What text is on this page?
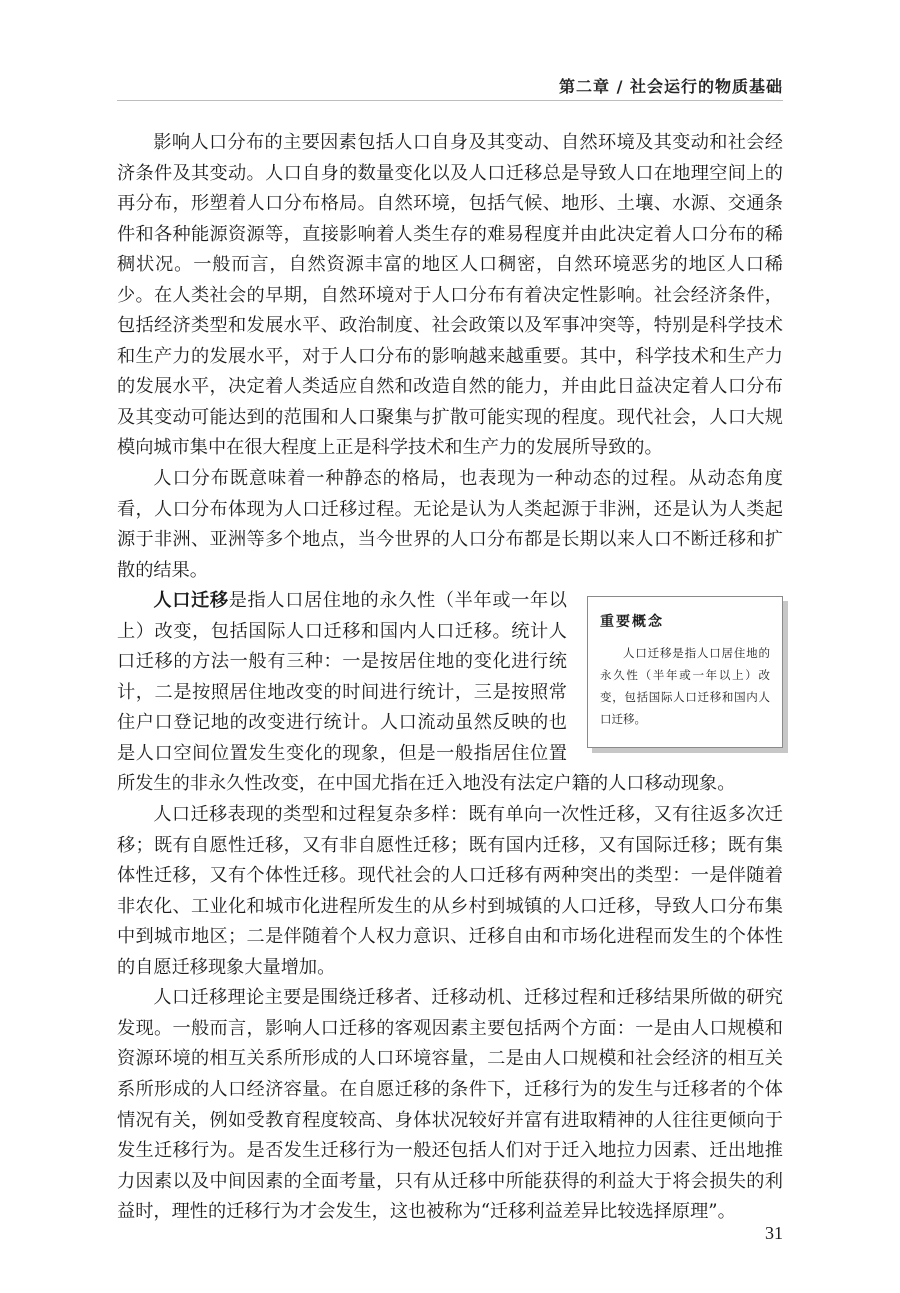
第二章 / 社会运行的物质基础

影响人口分布的主要因素包括人口自身及其变动、自然环境及其变动和社会经济条件及其变动。人口自身的数量变化以及人口迁移总是导致人口在地理空间上的再分布，形塑着人口分布格局。自然环境，包括气候、地形、土壤、水源、交通条件和各种能源资源等，直接影响着人类生存的难易程度并由此决定着人口分布的稀稠状况。一般而言，自然资源丰富的地区人口稠密，自然环境恶劣的地区人口稀少。在人类社会的早期，自然环境对于人口分布有着决定性影响。社会经济条件，包括经济类型和发展水平、政治制度、社会政策以及军事冲突等，特别是科学技术和生产力的发展水平，对于人口分布的影响越来越重要。其中，科学技术和生产力的发展水平，决定着人类适应自然和改造自然的能力，并由此日益决定着人口分布及其变动可能达到的范围和人口聚集与扩散可能实现的程度。现代社会，人口大规模向城市集中在很大程度上正是科学技术和生产力的发展所导致的。

人口分布既意味着一种静态的格局，也表现为一种动态的过程。从动态角度看，人口分布体现为人口迁移过程。无论是认为人类起源于非洲，还是认为人类起源于非洲、亚洲等多个地点，当今世界的人口分布都是长期以来人口不断迁移和扩散的结果。

重要概念
人口迁移是指人口居住地的永久性（半年或一年以上）改变，包括国际人口迁移和国内人口迁移。
人口迁移是指人口居住地的永久性（半年或一年以上）改变，包括国际人口迁移和国内人口迁移。统计人口迁移的方法一般有三种：一是按居住地的变化进行统计，二是按照居住地改变的时间进行统计，三是按照常住户口登记地的改变进行统计。人口流动虽然反映的也是人口空间位置发生变化的现象，但是一般指居住位置所发生的非永久性改变，在中国尤指在迁入地没有法定户籍的人口移动现象。

人口迁移表现的类型和过程复杂多样：既有单向一次性迁移，又有往返多次迁移；既有自愿性迁移，又有非自愿性迁移；既有国内迁移，又有国际迁移；既有集体性迁移，又有个体性迁移。现代社会的人口迁移有两种突出的类型：一是伴随着非农化、工业化和城市化进程所发生的从乡村到城镇的人口迁移，导致人口分布集中到城市地区；二是伴随着个人权力意识、迁移自由和市场化进程而发生的个体性的自愿迁移现象大量增加。

人口迁移理论主要是围绕迁移者、迁移动机、迁移过程和迁移结果所做的研究发现。一般而言，影响人口迁移的客观因素主要包括两个方面：一是由人口规模和资源环境的相互关系所形成的人口环境容量，二是由人口规模和社会经济的相互关系所形成的人口经济容量。在自愿迁移的条件下，迁移行为的发生与迁移者的个体情况有关，例如受教育程度较高、身体状况较好并富有进取精神的人往往更倾向于发生迁移行为。是否发生迁移行为一般还包括人们对于迁入地拉力因素、迁出地推力因素以及中间因素的全面考量，只有从迁移中所能获得的利益大于将会损失的利益时，理性的迁移行为才会发生，这也被称为“迁移利益差异比较选择原理”。

31
